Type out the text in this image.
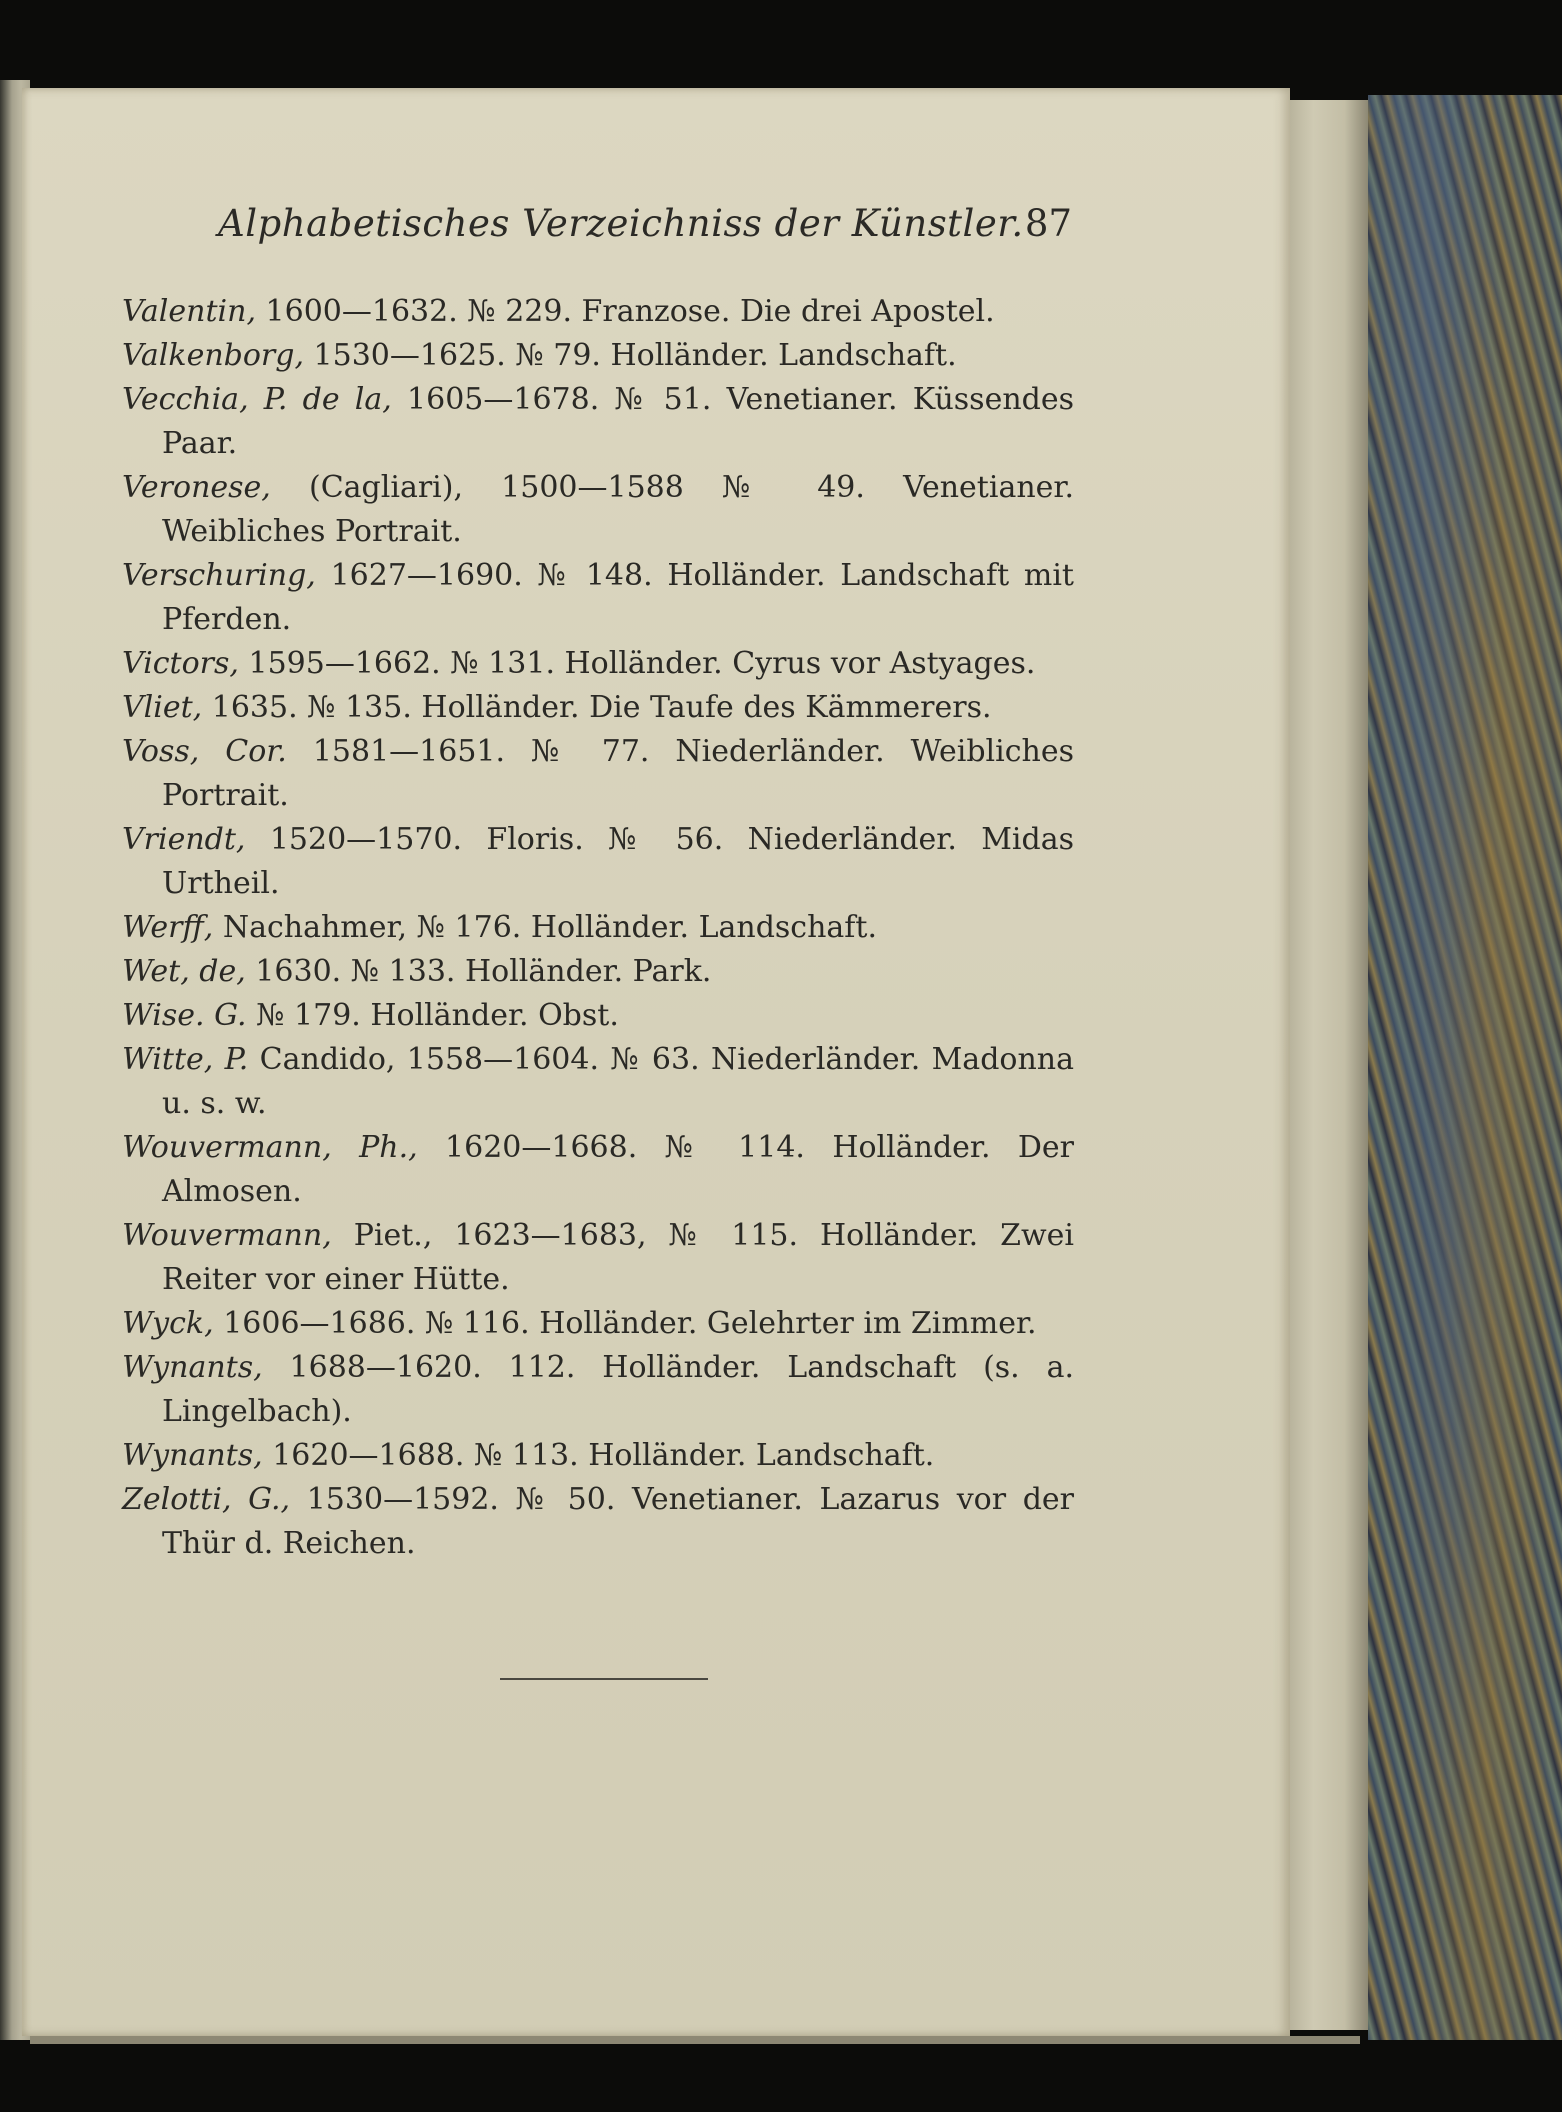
Alphabetisches Verzeichniss der Künstler. 87

Valentin, 1600—1632. № 229. Franzose. Die drei Apostel.

Valkenborg, 1530—1625. № 79. Holländer. Landschaft.

Vecchia, P. de la, 1605—1678. № 51. Venetianer. Küssendes Paar.

Veronese, (Cagliari), 1500—1588 № 49. Venetianer. Weibliches Portrait.

Verschuring, 1627—1690. № 148. Holländer. Landschaft mit Pferden.

Victors, 1595—1662. № 131. Holländer. Cyrus vor Astyages.

Vliet, 1635. № 135. Holländer. Die Taufe des Kämmerers.

Voss, Cor. 1581—1651. № 77. Niederländer. Weibliches Portrait.

Vriendt, 1520—1570. Floris. № 56. Niederländer. Midas Urtheil.

Werff, Nachahmer, № 176. Holländer. Landschaft.

Wet, de, 1630. № 133. Holländer. Park.

Wise. G. № 179. Holländer. Obst.

Witte, P. Candido, 1558—1604. № 63. Niederländer. Madonna u. s. w.

Wouvermann, Ph., 1620—1668. № 114. Holländer. Der Almosen.

Wouvermann, Piet., 1623—1683, № 115. Holländer. Zwei Reiter vor einer Hütte.

Wyck, 1606—1686. № 116. Holländer. Gelehrter im Zimmer.

Wynants, 1688—1620. 112. Holländer. Landschaft (s. a. Lingelbach).

Wynants, 1620—1688. № 113. Holländer. Landschaft.

Zelotti, G., 1530—1592. № 50. Venetianer. Lazarus vor der Thür d. Reichen.
